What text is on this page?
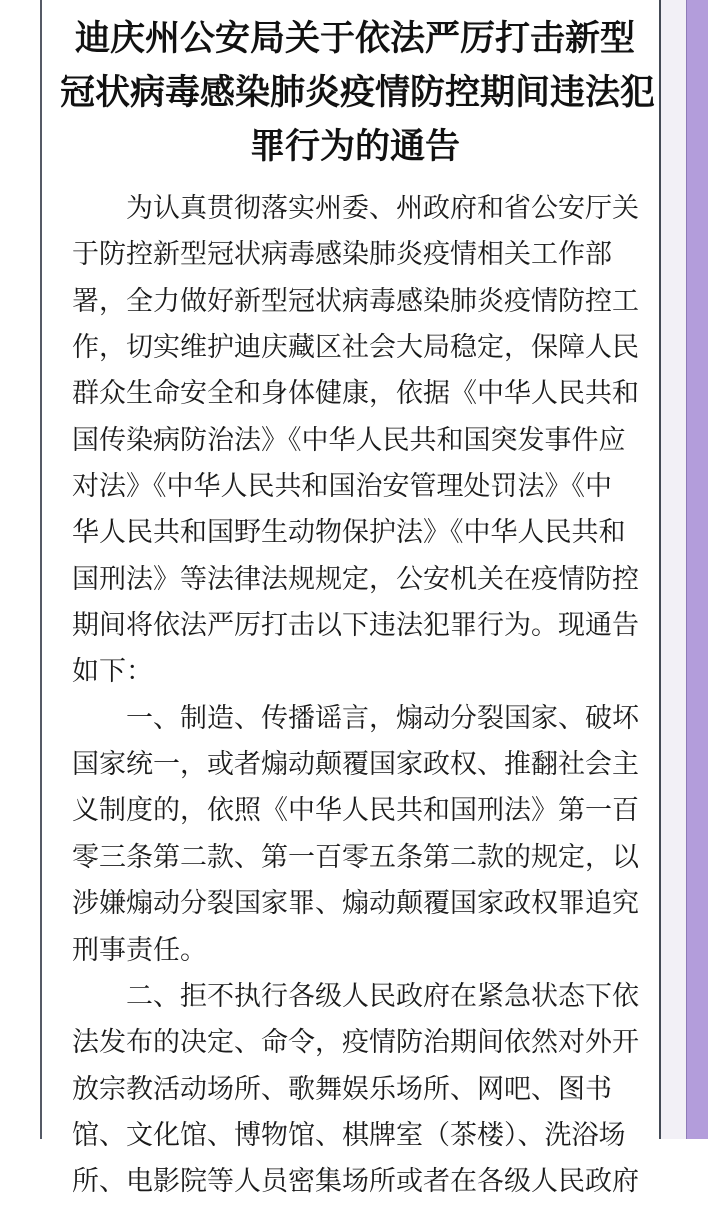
迪庆州公安局关于依法严厉打击新型
冠状病毒感染肺炎疫情防控期间违法犯
罪行为的通告
　　为认真贯彻落实州委、州政府和省公安厅关
于防控新型冠状病毒感染肺炎疫情相关工作部
署，全力做好新型冠状病毒感染肺炎疫情防控工
作，切实维护迪庆藏区社会大局稳定，保障人民
群众生命安全和身体健康，依据《中华人民共和
国传染病防治法》《中华人民共和国突发事件应
对法》《中华人民共和国治安管理处罚法》《中
华人民共和国野生动物保护法》《中华人民共和
国刑法》等法律法规规定，公安机关在疫情防控
期间将依法严厉打击以下违法犯罪行为。现通告
如下：
　　一、制造、传播谣言，煽动分裂国家、破坏
国家统一，或者煽动颠覆国家政权、推翻社会主
义制度的，依照《中华人民共和国刑法》第一百
零三条第二款、第一百零五条第二款的规定，以
涉嫌煽动分裂国家罪、煽动颠覆国家政权罪追究
刑事责任。
　　二、拒不执行各级人民政府在紧急状态下依
法发布的决定、命令，疫情防治期间依然对外开
放宗教活动场所、歌舞娱乐场所、网吧、图书
馆、文化馆、博物馆、棋牌室（茶楼）、洗浴场
所、电影院等人员密集场所或者在各级人民政府
